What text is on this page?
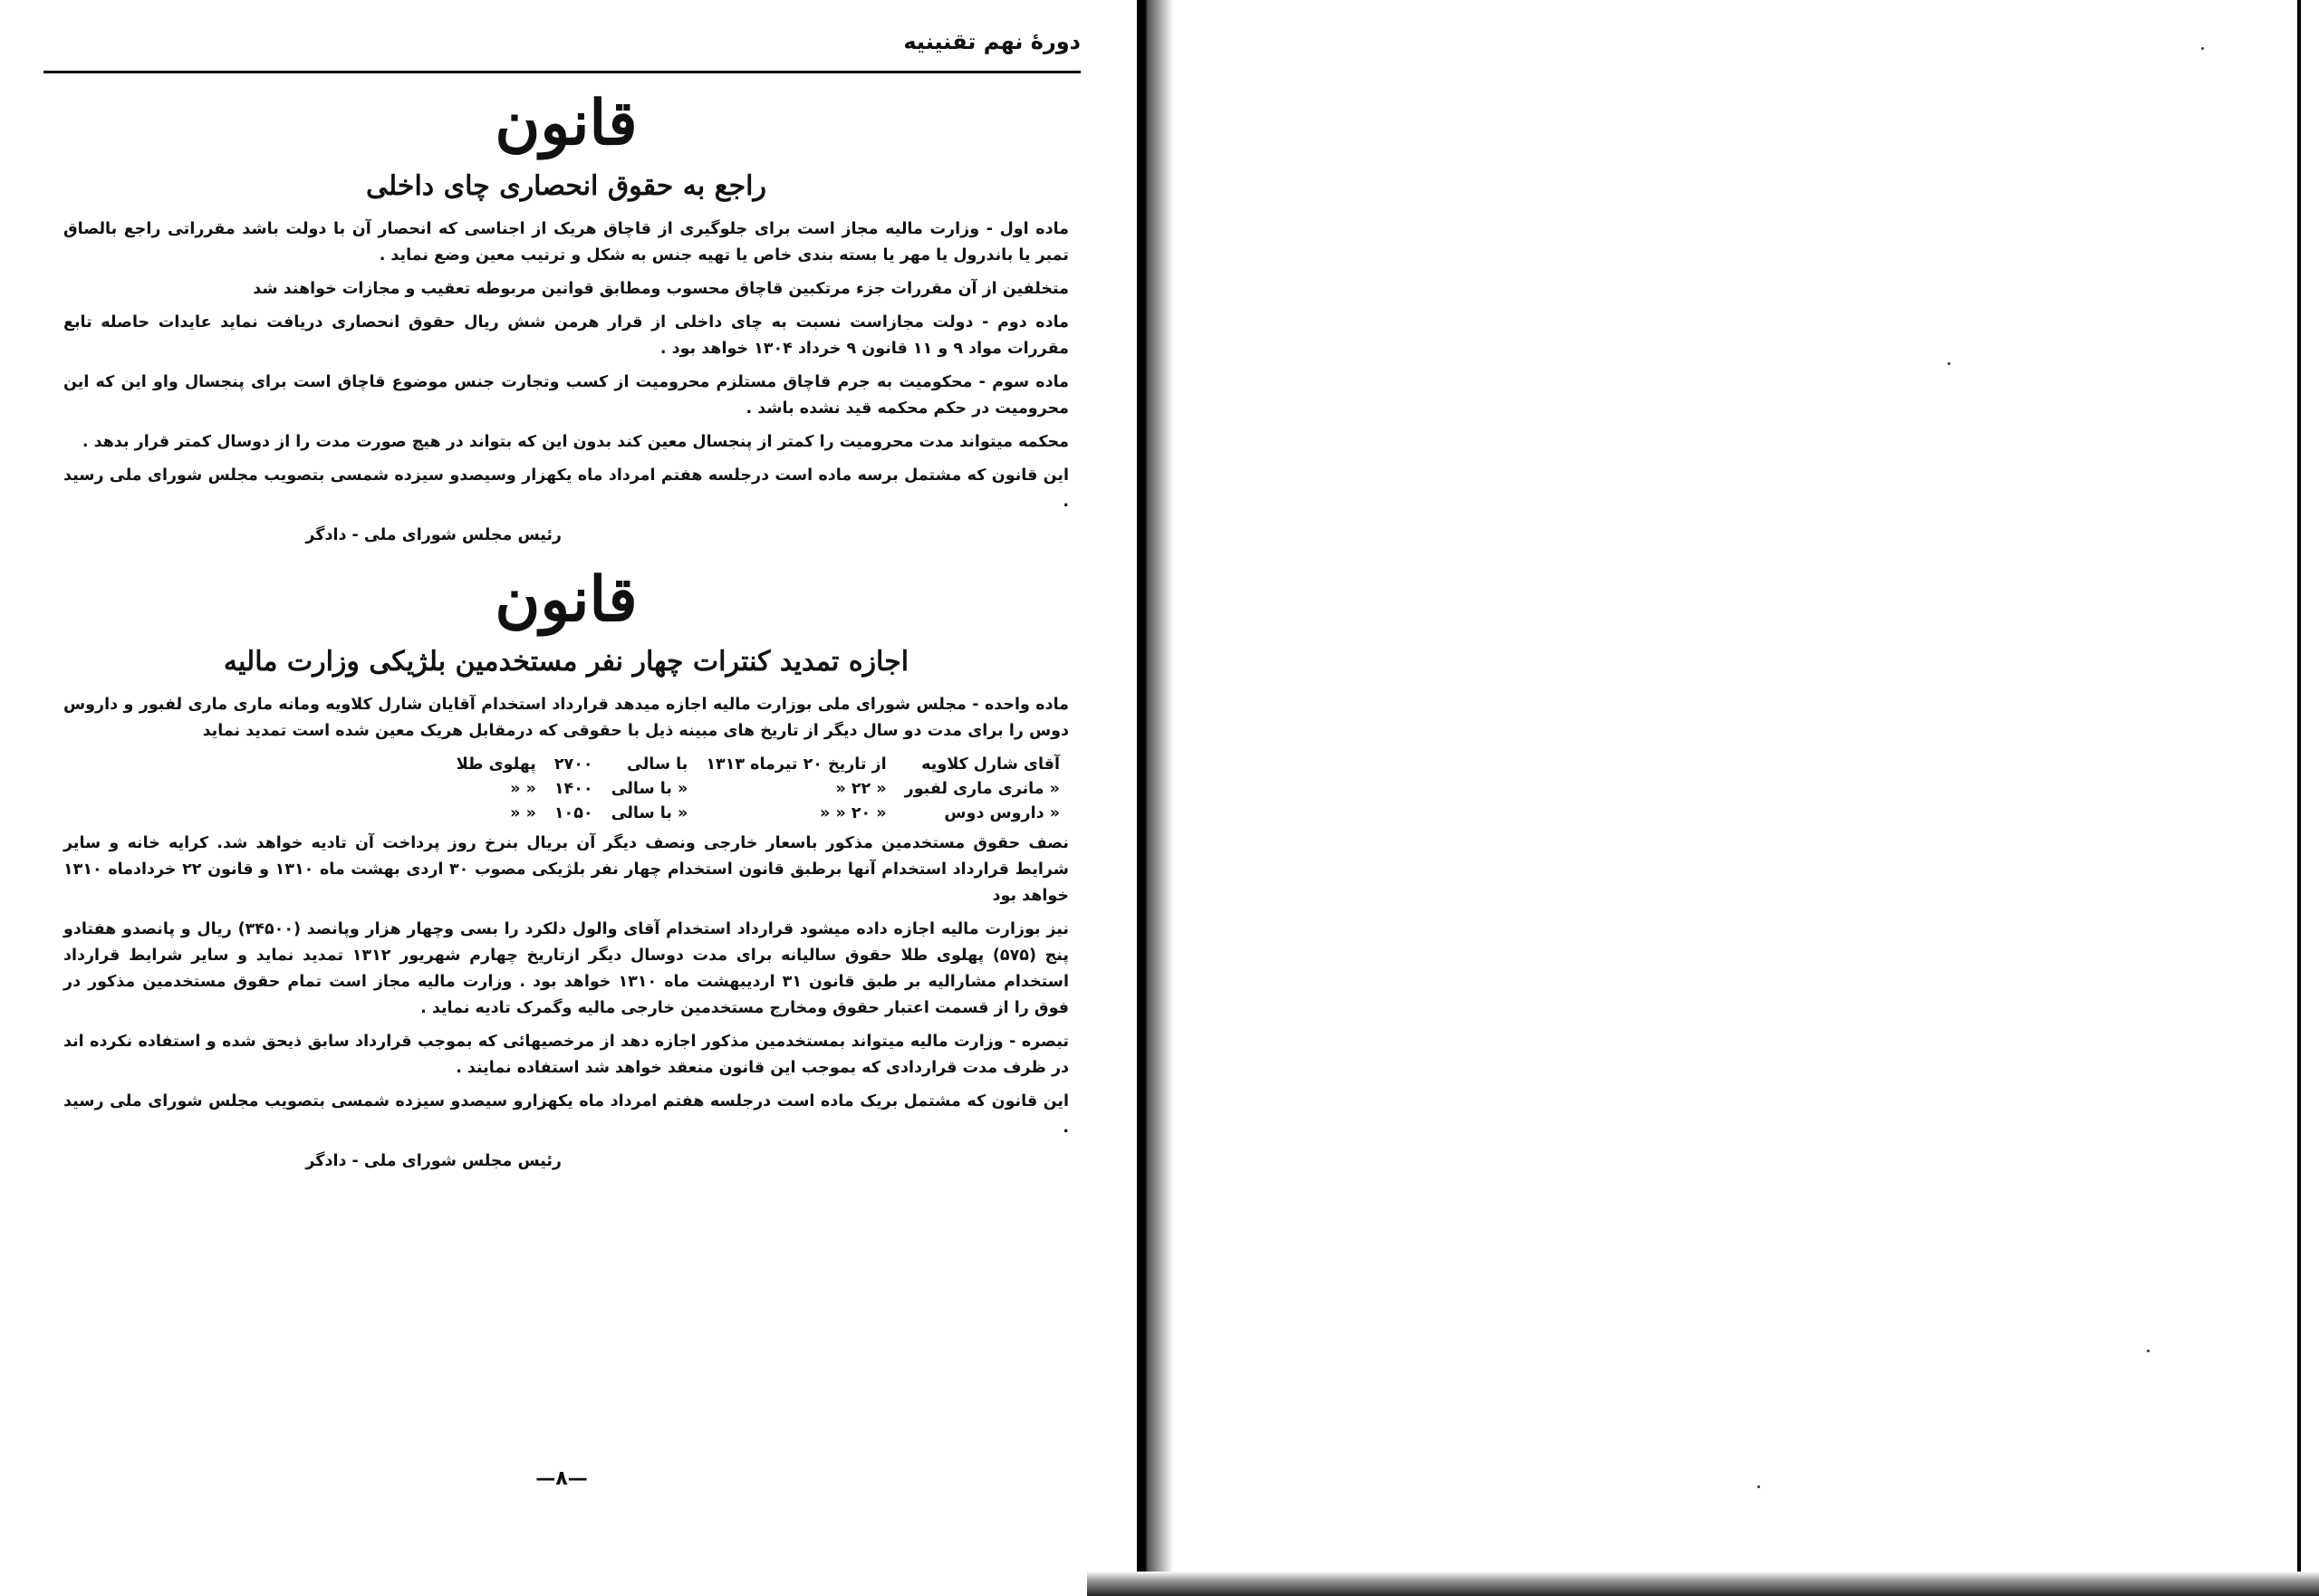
دورهٔ نهم تقنینیه
قانون
راجع به حقوق انحصاری چای داخلی

ماده اول - وزارت مالیه مجاز است برای جلوگیری از قاچاق هریک از اجناسی که انحصار آن با دولت باشد مقرراتی راجع بالصاق تمبر یا باندرول یا مهر یا بسته بندی خاص یا تهیه جنس به شکل و ترتیب معین وضع نماید .

متخلفین از آن مقررات جزء مرتکبین قاچاق محسوب ومطابق قوانین مربوطه تعقیب و مجازات خواهند شد

ماده دوم - دولت مجازاست نسبت به چای داخلی از قرار هرمن شش ریال حقوق انحصاری دریافت نماید عایدات حاصله تابع مقررات مواد ۹ و ۱۱ قانون ۹ خرداد ۱۳۰۴ خواهد بود .

ماده سوم - محکومیت به جرم قاچاق مستلزم محرومیت از کسب وتجارت جنس موضوع قاچاق است برای پنجسال واو این که این محرومیت در حکم محکمه قید نشده باشد .

محکمه میتواند مدت محرومیت را کمتر از پنجسال معین کند بدون این که بتواند در هیچ صورت مدت را از دوسال کمتر قرار بدهد .

این قانون که مشتمل برسه ماده است درجلسه هفتم امرداد ماه یکهزار وسیصدو سیزده شمسی بتصویب مجلس شورای ملی رسید .

رئیس مجلس شورای ملی - دادگر
قانون
اجازه تمدید کنترات چهار نفر مستخدمین بلژیکی وزارت مالیه

ماده واحده - مجلس شورای ملی بوزارت مالیه اجازه میدهد قرارداد استخدام آقایان شارل کلاویه ومانه ماری ماری لفبور و داروس دوس را برای مدت دو سال دیگر از تاریخ های مبینه ذیل با حقوقی که درمقابل هریک معین شده است تمدید نماید

آقای شارل کلاویه	از تاریخ ۲۰ تیرماه ۱۳۱۳	با سالی	۲۷۰۰	پهلوی طلا
« مانری ماری لفبور	« ۲۲ «	« با سالی	۱۴۰۰	« «
« داروس دوس	« ۲۰ « «	« با سالی	۱۰۵۰	« «

نصف حقوق مستخدمین مذکور باسعار خارجی ونصف دیگر آن بریال بنرخ روز پرداخت آن تادیه خواهد شد. کرایه خانه و سایر شرایط قرارداد استخدام آنها برطبق قانون استخدام چهار نفر بلژیکی مصوب ۳۰ اردی بهشت ماه ۱۳۱۰ و قانون ۲۲ خردادماه ۱۳۱۰ خواهد بود

نیز بوزارت مالیه اجازه داده میشود قرارداد استخدام آقای والول دلکرد را بسی وچهار هزار وپانصد (۳۴۵۰۰) ریال و پانصدو هفتادو پنج (۵۷۵) پهلوی طلا حقوق سالیانه برای مدت دوسال دیگر ازتاریخ چهارم شهریور ۱۳۱۲ تمدید نماید و سایر شرایط قرارداد استخدام مشارالیه بر طبق قانون ۳۱ اردیبهشت ماه ۱۳۱۰ خواهد بود . وزارت مالیه مجاز است تمام حقوق مستخدمین مذکور در فوق را از قسمت اعتبار حقوق ومخارج مستخدمین خارجی مالیه وگمرک تادیه نماید .

تبصره - وزارت مالیه میتواند بمستخدمین مذکور اجازه دهد از مرخصیهائی که بموجب قرارداد سابق ذیحق شده و استفاده نکرده اند در ظرف مدت قراردادی که بموجب این قانون منعقد خواهد شد استفاده نمایند .

این قانون که مشتمل بریک ماده است درجلسه هفتم امرداد ماه یکهزارو سیصدو سیزده شمسی بتصویب مجلس شورای ملی رسید .

رئیس مجلس شورای ملی - دادگر
—۸—
